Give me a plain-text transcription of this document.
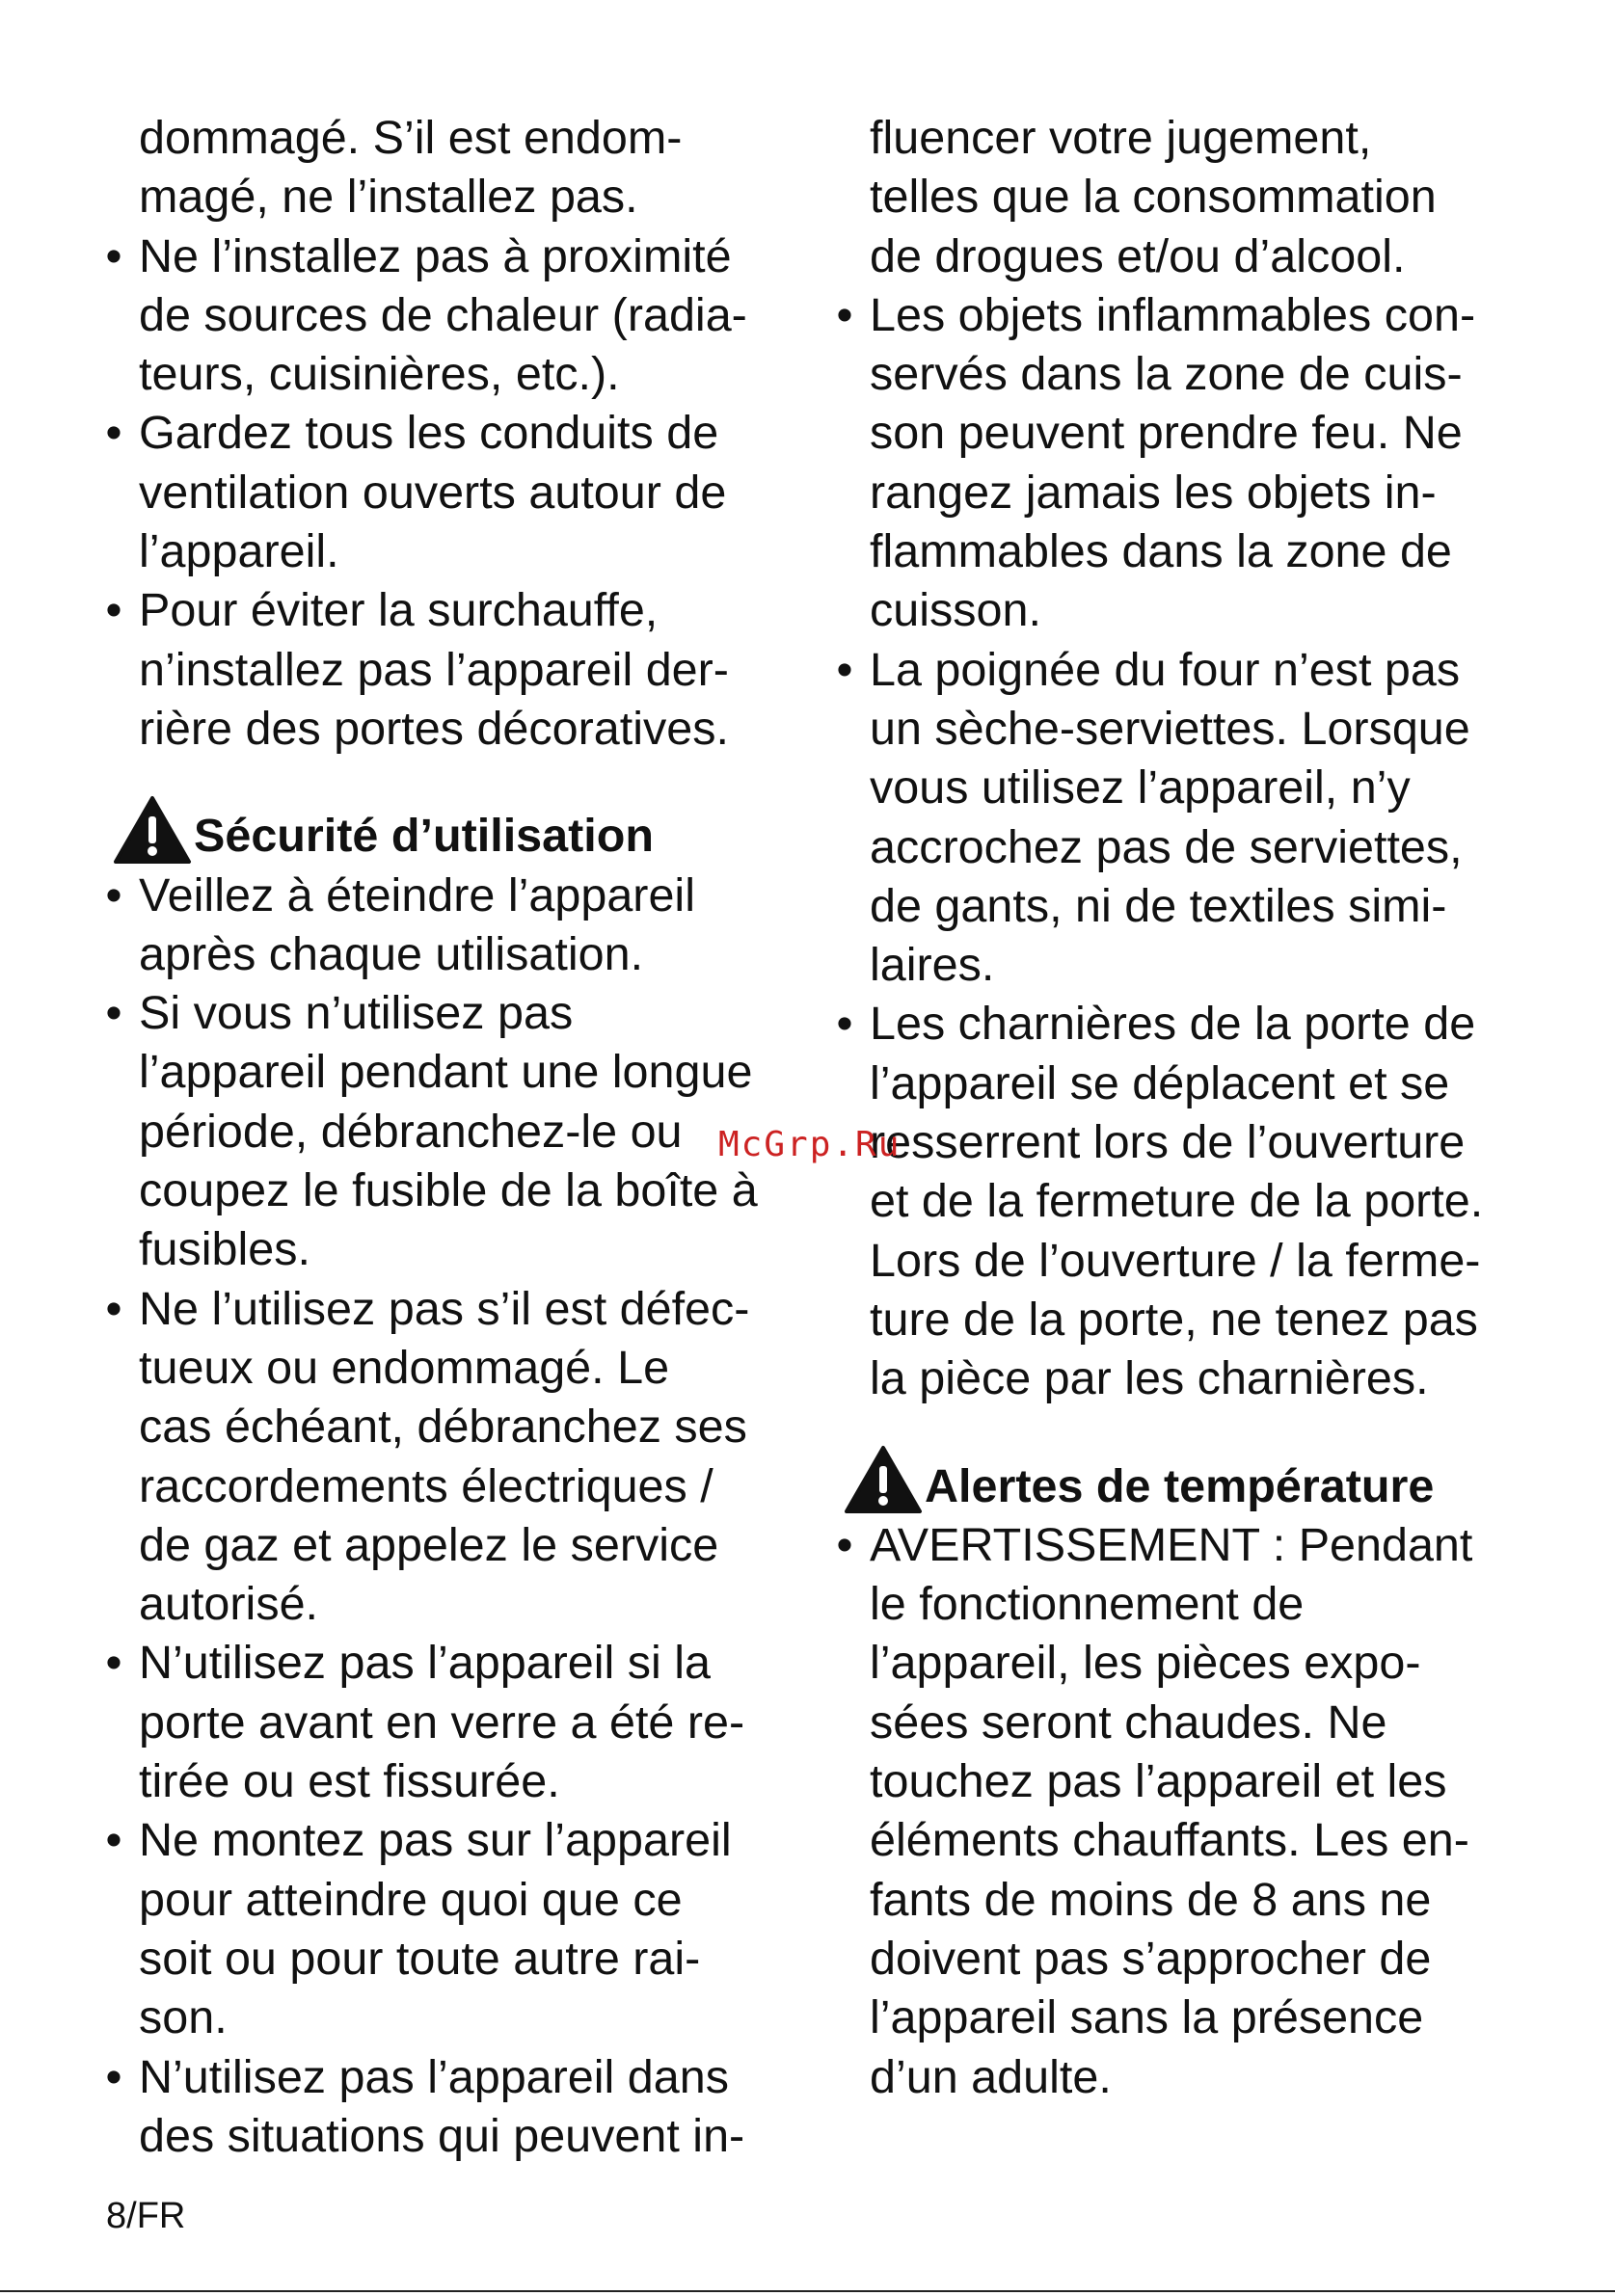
dommagé. S’il est endom-
magé, ne l’installez pas.
• Ne l’installez pas à proximité
de sources de chaleur (radia-
teurs, cuisinières, etc.).
• Gardez tous les conduits de
ventilation ouverts autour de
l’appareil.
• Pour éviter la surchauffe,
n’installez pas l’appareil der-
rière des portes décoratives.
Sécurité d’utilisation
• Veillez à éteindre l’appareil
après chaque utilisation.
• Si vous n’utilisez pas
l’appareil pendant une longue
période, débranchez-le ou
coupez le fusible de la boîte à
fusibles.
• Ne l’utilisez pas s’il est défec-
tueux ou endommagé. Le
cas échéant, débranchez ses
raccordements électriques /
de gaz et appelez le service
autorisé.
• N’utilisez pas l’appareil si la
porte avant en verre a été re-
tirée ou est fissurée.
• Ne montez pas sur l’appareil
pour atteindre quoi que ce
soit ou pour toute autre rai-
son.
• N’utilisez pas l’appareil dans
des situations qui peuvent in-
fluencer votre jugement,
telles que la consommation
de drogues et/ou d’alcool.
• Les objets inflammables con-
servés dans la zone de cuis-
son peuvent prendre feu. Ne
rangez jamais les objets in-
flammables dans la zone de
cuisson.
• La poignée du four n’est pas
un sèche-serviettes. Lorsque
vous utilisez l’appareil, n’y
accrochez pas de serviettes,
de gants, ni de textiles simi-
laires.
• Les charnières de la porte de
l’appareil se déplacent et se
resserrent lors de l’ouverture
et de la fermeture de la porte.
Lors de l’ouverture / la ferme-
ture de la porte, ne tenez pas
la pièce par les charnières.
Alertes de température
• AVERTISSEMENT : Pendant
le fonctionnement de
l’appareil, les pièces expo-
sées seront chaudes. Ne
touchez pas l’appareil et les
éléments chauffants. Les en-
fants de moins de 8 ans ne
doivent pas s’approcher de
l’appareil sans la présence
d’un adulte.
McGrp.Ru
8/FR
